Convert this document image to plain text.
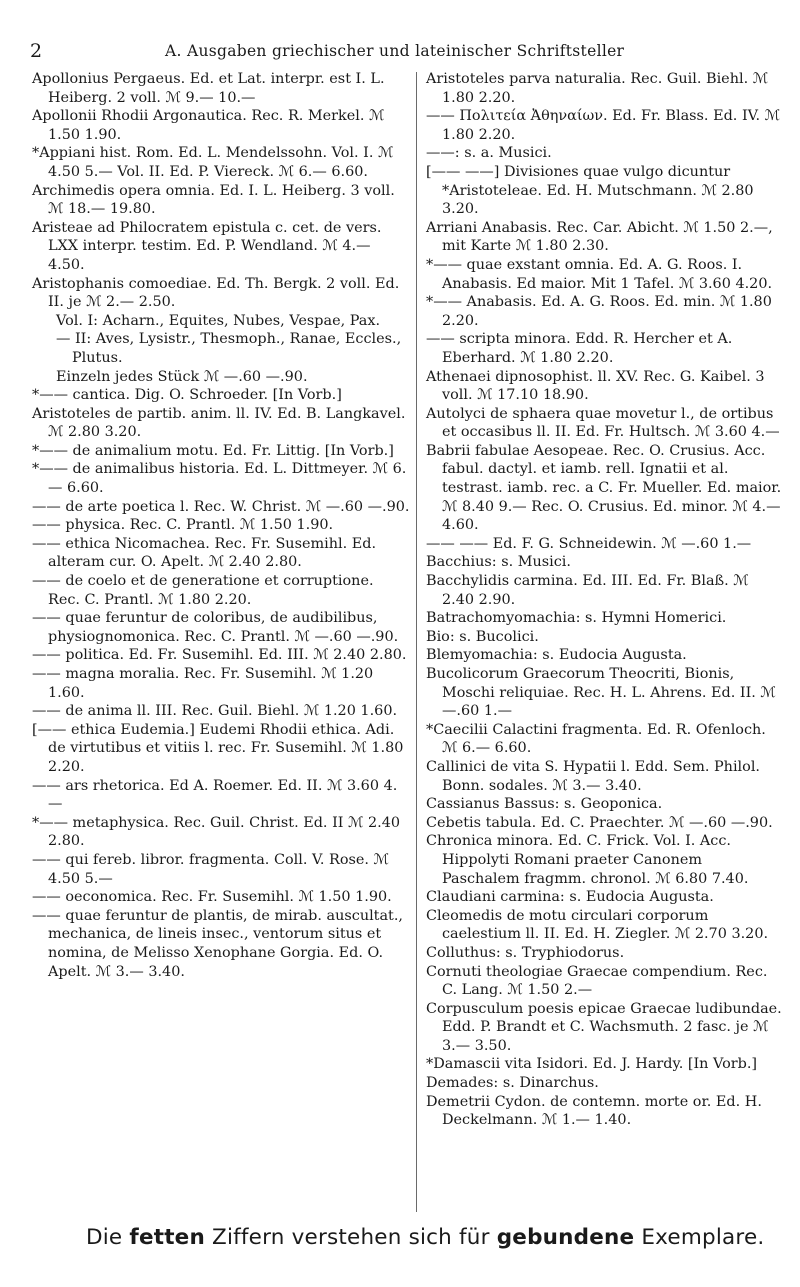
2	A. Ausgaben griechischer und lateinischer Schriftsteller

Apollonius Pergaeus. Ed. et Lat. interpr. est I. L. Heiberg. 2 voll. ℳ 9.— 10.—

Apollonii Rhodii Argonautica. Rec. R. Merkel. ℳ 1.50 1.90.

*Appiani hist. Rom. Ed. L. Mendelssohn. Vol. I. ℳ 4.50 5.— Vol. II. Ed. P. Viereck. ℳ 6.— 6.60.

Archimedis opera omnia. Ed. I. L. Heiberg. 3 voll. ℳ 18.— 19.80.

Aristeae ad Philocratem epistula c. cet. de vers. LXX interpr. testim. Ed. P. Wendland. ℳ 4.— 4.50.

Aristophanis comoediae. Ed. Th. Bergk. 2 voll. Ed. II. je ℳ 2.— 2.50.

Vol. I: Acharn., Equites, Nubes, Vespae, Pax.

— II: Aves, Lysistr., Thesmoph., Ranae, Eccles., Plutus.

Einzeln jedes Stück ℳ —.60 —.90.

*—— cantica. Dig. O. Schroeder. [In Vorb.]

Aristoteles de partib. anim. ll. IV. Ed. B. Langkavel. ℳ 2.80 3.20.

*—— de animalium motu. Ed. Fr. Littig. [In Vorb.]

*—— de animalibus historia. Ed. L. Dittmeyer. ℳ 6.— 6.60.

—— de arte poetica l. Rec. W. Christ. ℳ —.60 —.90.

—— physica. Rec. C. Prantl. ℳ 1.50 1.90.

—— ethica Nicomachea. Rec. Fr. Susemihl. Ed. alteram cur. O. Apelt. ℳ 2.40 2.80.

—— de coelo et de generatione et corruptione. Rec. C. Prantl. ℳ 1.80 2.20.

—— quae feruntur de coloribus, de audibilibus, physiognomonica. Rec. C. Prantl. ℳ —.60 —.90.

—— politica. Ed. Fr. Susemihl. Ed. III. ℳ 2.40 2.80.

—— magna moralia. Rec. Fr. Susemihl. ℳ 1.20 1.60.

—— de anima ll. III. Rec. Guil. Biehl. ℳ 1.20 1.60.

[—— ethica Eudemia.] Eudemi Rhodii ethica. Adi. de virtutibus et vitiis l. rec. Fr. Susemihl. ℳ 1.80 2.20.

—— ars rhetorica. Ed A. Roemer. Ed. II. ℳ 3.60 4.—

*—— metaphysica. Rec. Guil. Christ. Ed. II ℳ 2.40 2.80.

—— qui fereb. libror. fragmenta. Coll. V. Rose. ℳ 4.50 5.—

—— oeconomica. Rec. Fr. Susemihl. ℳ 1.50 1.90.

—— quae feruntur de plantis, de mirab. auscultat., mechanica, de lineis insec., ventorum situs et nomina, de Melisso Xenophane Gorgia. Ed. O. Apelt. ℳ 3.— 3.40.

Aristoteles parva naturalia. Rec. Guil. Biehl. ℳ 1.80 2.20.

—— Πολιτεία Ἀθηναίων. Ed. Fr. Blass. Ed. IV. ℳ 1.80 2.20.

——: s. a. Musici.

[—— ——] Divisiones quae vulgo dicuntur *Aristoteleae. Ed. H. Mutschmann. ℳ 2.80 3.20.

Arriani Anabasis. Rec. Car. Abicht. ℳ 1.50 2.—, mit Karte ℳ 1.80 2.30.

*—— quae exstant omnia. Ed. A. G. Roos. I. Anabasis. Ed maior. Mit 1 Tafel. ℳ 3.60 4.20.

*—— Anabasis. Ed. A. G. Roos. Ed. min. ℳ 1.80 2.20.

—— scripta minora. Edd. R. Hercher et A. Eberhard. ℳ 1.80 2.20.

Athenaei dipnosophist. ll. XV. Rec. G. Kaibel. 3 voll. ℳ 17.10 18.90.

Autolyci de sphaera quae movetur l., de ortibus et occasibus ll. II. Ed. Fr. Hultsch. ℳ 3.60 4.—

Babrii fabulae Aesopeae. Rec. O. Crusius. Acc. fabul. dactyl. et iamb. rell. Ignatii et al. testrast. iamb. rec. a C. Fr. Mueller. Ed. maior. ℳ 8.40 9.— Rec. O. Crusius. Ed. minor. ℳ 4.— 4.60.

—— —— Ed. F. G. Schneidewin. ℳ —.60 1.—

Bacchius: s. Musici.

Bacchylidis carmina. Ed. III. Ed. Fr. Blaß. ℳ 2.40 2.90.

Batrachomyomachia: s. Hymni Homerici.

Bio: s. Bucolici.

Blemyomachia: s. Eudocia Augusta.

Bucolicorum Graecorum Theocriti, Bionis, Moschi reliquiae. Rec. H. L. Ahrens. Ed. II. ℳ —.60 1.—

*Caecilii Calactini fragmenta. Ed. R. Ofenloch. ℳ 6.— 6.60.

Callinici de vita S. Hypatii l. Edd. Sem. Philol. Bonn. sodales. ℳ 3.— 3.40.

Cassianus Bassus: s. Geoponica.

Cebetis tabula. Ed. C. Praechter. ℳ —.60 —.90.

Chronica minora. Ed. C. Frick. Vol. I. Acc. Hippolyti Romani praeter Canonem Paschalem fragmm. chronol. ℳ 6.80 7.40.

Claudiani carmina: s. Eudocia Augusta.

Cleomedis de motu circulari corporum caelestium ll. II. Ed. H. Ziegler. ℳ 2.70 3.20.

Colluthus: s. Tryphiodorus.

Cornuti theologiae Graecae compendium. Rec. C. Lang. ℳ 1.50 2.—

Corpusculum poesis epicae Graecae ludibundae. Edd. P. Brandt et C. Wachsmuth. 2 fasc. je ℳ 3.— 3.50.

*Damascii vita Isidori. Ed. J. Hardy. [In Vorb.]

Demades: s. Dinarchus.

Demetrii Cydon. de contemn. morte or. Ed. H. Deckelmann. ℳ 1.— 1.40.

Die fetten Ziffern verstehen sich für gebundene Exemplare.
